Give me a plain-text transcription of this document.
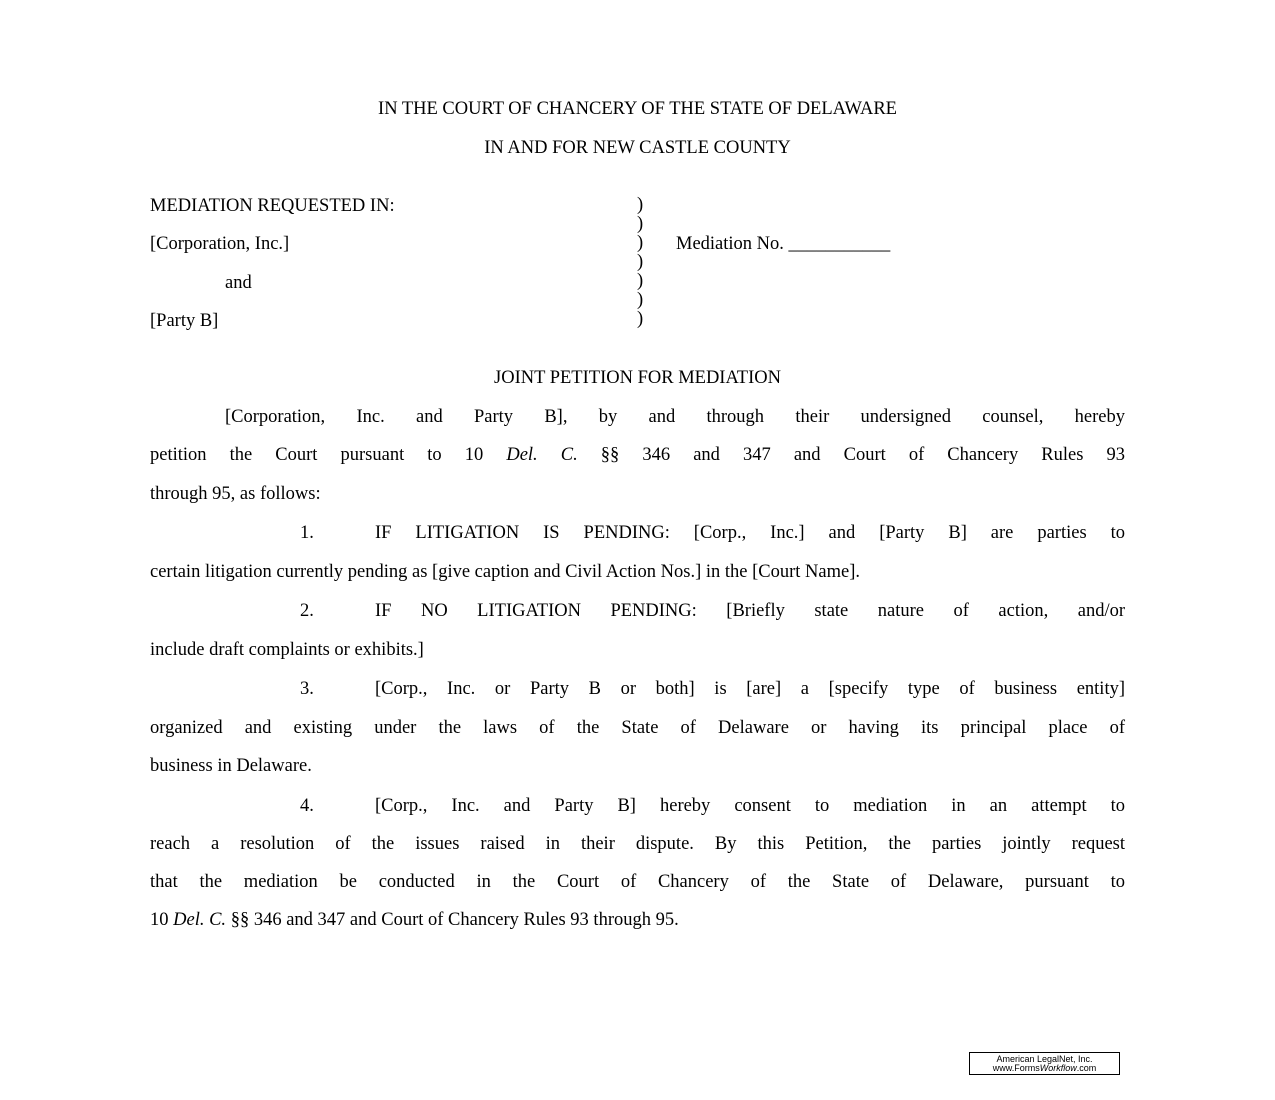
IN THE COURT OF CHANCERY OF THE STATE OF DELAWARE
IN AND FOR NEW CASTLE COUNTY
MEDIATION REQUESTED IN:
[Corporation, Inc.]
and
[Party B]
)
)
)
)
)
)
)
Mediation No. ___________
JOINT PETITION FOR MEDIATION
[Corporation, Inc. and Party B], by and through their undersigned counsel, hereby
petition the Court pursuant to 10 Del. C. §§ 346 and 347 and Court of Chancery Rules 93
through 95, as follows:
1.	IF LITIGATION IS PENDING: [Corp., Inc.] and [Party B] are parties to
certain litigation currently pending as [give caption and Civil Action Nos.] in the [Court Name].
2.	IF NO LITIGATION PENDING: [Briefly state nature of action, and/or
include draft complaints or exhibits.]
3.	[Corp., Inc. or Party B or both] is [are] a [specify type of business entity]
organized and existing under the laws of the State of Delaware or having its principal place of
business in Delaware.
4.	[Corp., Inc. and Party B] hereby consent to mediation in an attempt to
reach a resolution of the issues raised in their dispute. By this Petition, the parties jointly request
that the mediation be conducted in the Court of Chancery of the State of Delaware, pursuant to
10 Del. C. §§ 346 and 347 and Court of Chancery Rules 93 through 95.
American LegalNet, Inc.
www.FormsWorkflow.com
